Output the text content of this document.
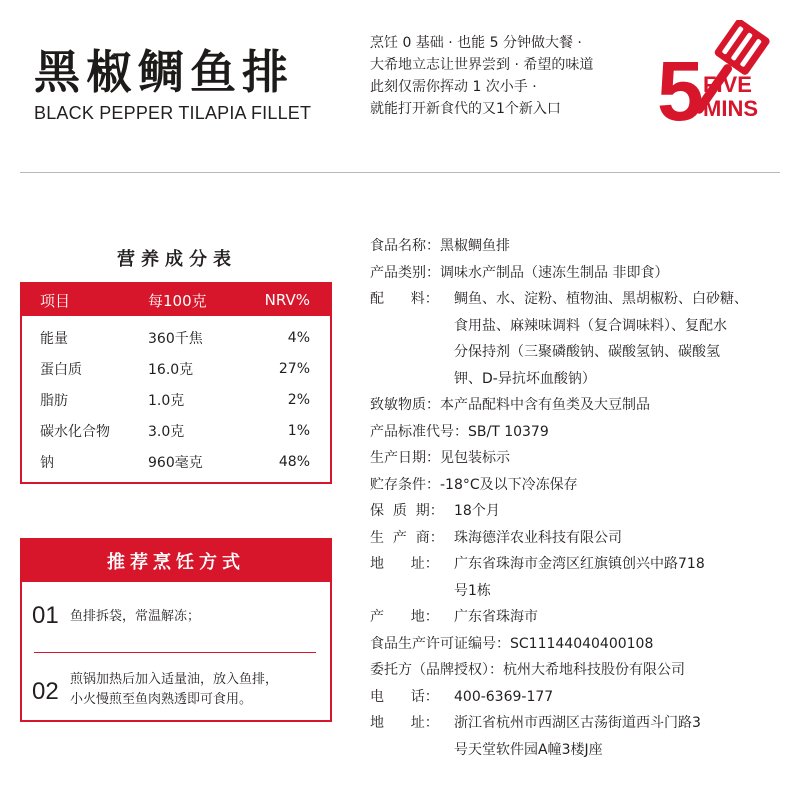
黑椒鲷鱼排
BLACK PEPPER TILAPIA FILLET
烹饪 0 基础 · 也能 5 分钟做大餐 ·
大希地立志让世界尝到 · 希望的味道
此刻仅需你挥动 1 次小手 ·
就能打开新食代的又1个新入口	5 FIVE
MINS
营养成分表
项目	每100克	NRV%
能量	360千焦	4%
蛋白质	16.0克	27%
脂肪	1.0克	2%
碳水化合物	3.0克	1%
钠	960毫克	48%
推荐烹饪方式
01 鱼排拆袋，常温解冻；
02 煎锅加热后加入适量油，放入鱼排，
小火慢煎至鱼肉熟透即可食用。
食品名称： 黑椒鲷鱼排
产品类别： 调味水产制品（速冻生制品 非即食）
配      料：	鲷鱼、水、淀粉、植物油、黑胡椒粉、白砂糖、
食用盐、麻辣味调料（复合调味料）、复配水
分保持剂（三聚磷酸钠、碳酸氢钠、碳酸氢
钾、D-异抗坏血酸钠）
致敏物质： 本产品配料中含有鱼类及大豆制品
产品标准代号： SB/T 10379
生产日期： 见包装标示
贮存条件： -18°C及以下冷冻保存
保  质  期： 18个月
生  产  商： 珠海德洋农业科技有限公司
地      址：	广东省珠海市金湾区红旗镇创兴中路718
号1栋
产      地：	广东省珠海市
食品生产许可证编号： SC11144040400108
委托方（品牌授权）： 杭州大希地科技股份有限公司
电      话：	400-6369-177
地      址：	浙江省杭州市西湖区古荡街道西斗门路3
号天堂软件园A幢3楼J座
